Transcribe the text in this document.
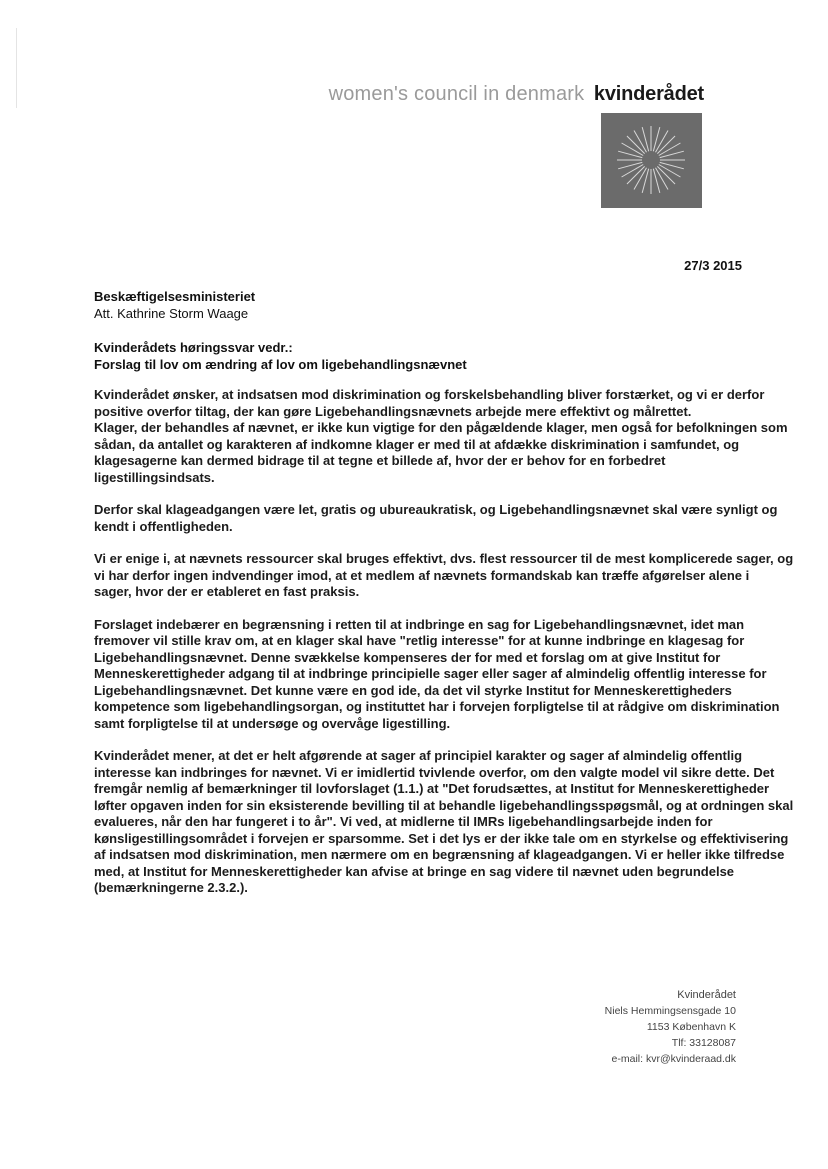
women's council in denmark kvinderådet
27/3 2015
Beskæftigelsesministeriet
Att. Kathrine Storm Waage
Kvinderådets høringssvar vedr.:
Forslag til lov om ændring af lov om ligebehandlingsnævnet

Kvinderådet ønsker, at indsatsen mod diskrimination og forskelsbehandling bliver forstærket, og vi er derfor
positive overfor tiltag, der kan gøre Ligebehandlingsnævnets arbejde mere effektivt og målrettet.
Klager, der behandles af nævnet, er ikke kun vigtige for den pågældende klager, men også for befolkningen som
sådan, da antallet og karakteren af indkomne klager er med til at afdække diskrimination i samfundet, og
klagesagerne kan dermed bidrage til at tegne et billede af, hvor der er behov for en forbedret
ligestillingsindsats.

Derfor skal klageadgangen være let, gratis og ubureaukratisk, og Ligebehandlingsnævnet skal være synligt og
kendt i offentligheden.

Vi er enige i, at nævnets ressourcer skal bruges effektivt, dvs. flest ressourcer til de mest komplicerede sager, og
vi har derfor ingen indvendinger imod, at et medlem af nævnets formandskab kan træffe afgørelser alene i
sager, hvor der er etableret en fast praksis.

Forslaget indebærer en begrænsning i retten til at indbringe en sag for Ligebehandlingsnævnet, idet man
fremover vil stille krav om, at en klager skal have "retlig interesse" for at kunne indbringe en klagesag for
Ligebehandlingsnævnet. Denne svækkelse kompenseres der for med et forslag om at give Institut for
Menneskerettigheder adgang til at indbringe principielle sager eller sager af almindelig offentlig interesse for
Ligebehandlingsnævnet. Det kunne være en god ide, da det vil styrke Institut for Menneskerettigheders
kompetence som ligebehandlingsorgan, og instituttet har i forvejen forpligtelse til at rådgive om diskrimination
samt forpligtelse til at undersøge og overvåge ligestilling.

Kvinderådet mener, at det er helt afgørende at sager af principiel karakter og sager af almindelig offentlig
interesse kan indbringes for nævnet. Vi er imidlertid tvivlende overfor, om den valgte model vil sikre dette. Det
fremgår nemlig af bemærkninger til lovforslaget (1.1.) at "Det forudsættes, at Institut for Menneskerettigheder
løfter opgaven inden for sin eksisterende bevilling til at behandle ligebehandlingsspøgsmål, og at ordningen skal
evalueres, når den har fungeret i to år". Vi ved, at midlerne til IMRs ligebehandlingsarbejde inden for
kønsligestillingsområdet i forvejen er sparsomme. Set i det lys er der ikke tale om en styrkelse og effektivisering
af indsatsen mod diskrimination, men nærmere om en begrænsning af klageadgangen. Vi er heller ikke tilfredse
med, at Institut for Menneskerettigheder kan afvise at bringe en sag videre til nævnet uden begrundelse
(bemærkningerne 2.3.2.).

Kvinderådet
Niels Hemmingsensgade 10
1153 København K
Tlf: 33128087
e-mail: kvr@kvinderaad.dk
